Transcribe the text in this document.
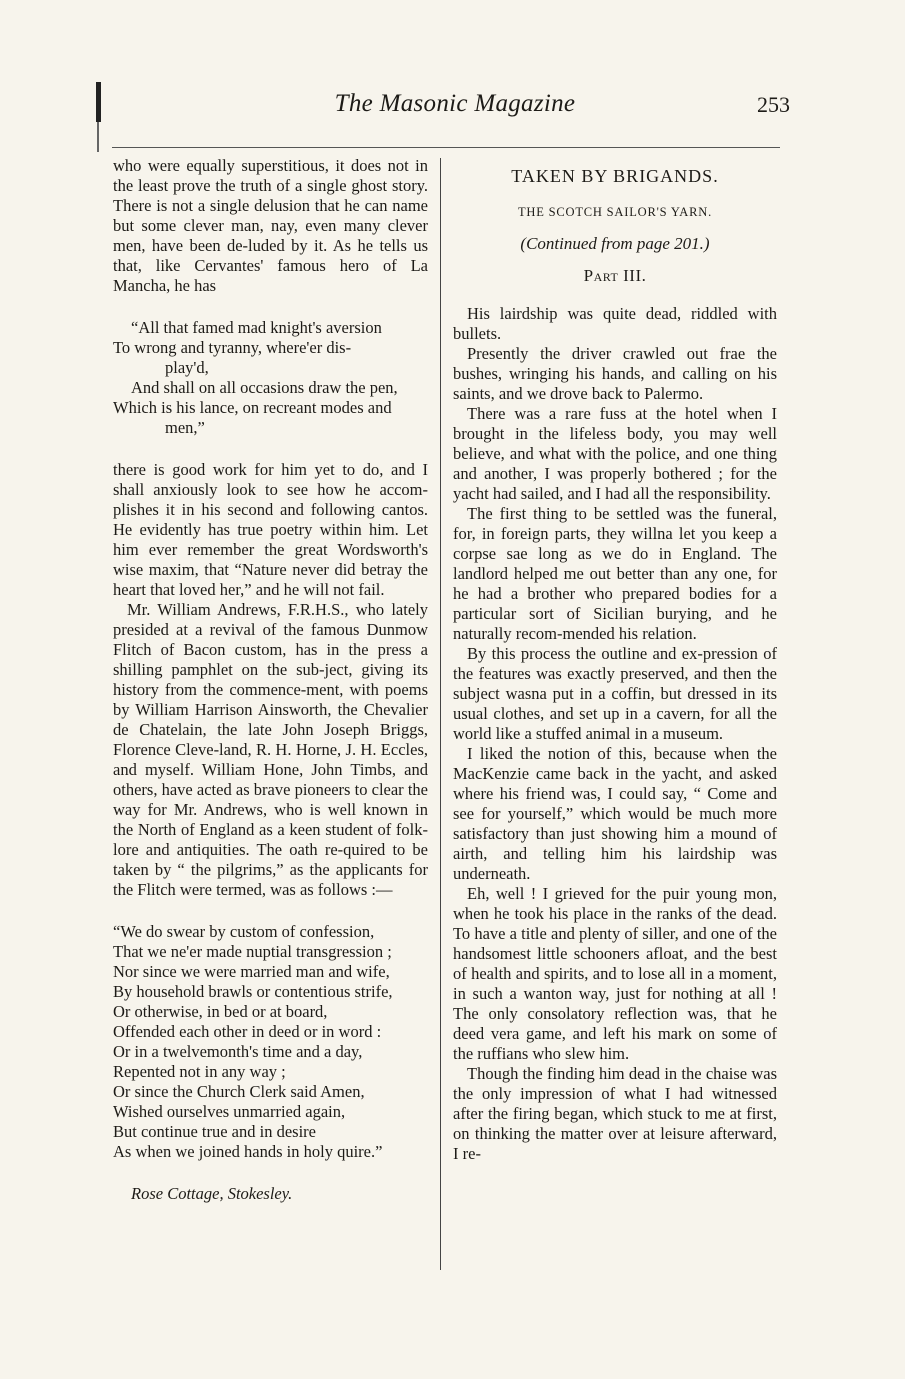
The Masonic Magazine	253

who were equally superstitious, it does not in the least prove the truth of a single ghost story. There is not a single delusion that he can name but some clever man, nay, even many clever men, have been de-luded by it. As he tells us that, like Cervantes' famous hero of La Mancha, he has

“All that famed mad knight's aversion
To wrong and tyranny, where'er dis-
play'd,
And shall on all occasions draw the pen,
Which is his lance, on recreant modes and
men,”

there is good work for him yet to do, and I shall anxiously look to see how he accom-plishes it in his second and following cantos. He evidently has true poetry within him. Let him ever remember the great Wordsworth's wise maxim, that “Nature never did betray the heart that loved her,” and he will not fail.

Mr. William Andrews, F.R.H.S., who lately presided at a revival of the famous Dunmow Flitch of Bacon custom, has in the press a shilling pamphlet on the sub-ject, giving its history from the commence-ment, with poems by William Harrison Ainsworth, the Chevalier de Chatelain, the late John Joseph Briggs, Florence Cleve-land, R. H. Horne, J. H. Eccles, and myself. William Hone, John Timbs, and others, have acted as brave pioneers to clear the way for Mr. Andrews, who is well known in the North of England as a keen student of folk-lore and antiquities. The oath re-quired to be taken by “ the pilgrims,” as the applicants for the Flitch were termed, was as follows :—

“We do swear by custom of confession,
That we ne'er made nuptial transgression ;
Nor since we were married man and wife,
By household brawls or contentious strife,
Or otherwise, in bed or at board,
Offended each other in deed or in word :
Or in a twelvemonth's time and a day,
Repented not in any way ;
Or since the Church Clerk said Amen,
Wished ourselves unmarried again,
But continue true and in desire
As when we joined hands in holy quire.”
Rose Cottage, Stokesley.
TAKEN BY BRIGANDS.
THE SCOTCH SAILOR'S YARN.
(Continued from page 201.)
Part III.

His lairdship was quite dead, riddled with bullets.

Presently the driver crawled out frae the bushes, wringing his hands, and calling on his saints, and we drove back to Palermo.

There was a rare fuss at the hotel when I brought in the lifeless body, you may well believe, and what with the police, and one thing and another, I was properly bothered ; for the yacht had sailed, and I had all the responsibility.

The first thing to be settled was the funeral, for, in foreign parts, they willna let you keep a corpse sae long as we do in England. The landlord helped me out better than any one, for he had a brother who prepared bodies for a particular sort of Sicilian burying, and he naturally recom-mended his relation.

By this process the outline and ex-pression of the features was exactly preserved, and then the subject wasna put in a coffin, but dressed in its usual clothes, and set up in a cavern, for all the world like a stuffed animal in a museum.

I liked the notion of this, because when the MacKenzie came back in the yacht, and asked where his friend was, I could say, “ Come and see for yourself,” which would be much more satisfactory than just showing him a mound of airth, and telling him his lairdship was underneath.

Eh, well ! I grieved for the puir young mon, when he took his place in the ranks of the dead. To have a title and plenty of siller, and one of the handsomest little schooners afloat, and the best of health and spirits, and to lose all in a moment, in such a wanton way, just for nothing at all ! The only consolatory reflection was, that he deed vera game, and left his mark on some of the ruffians who slew him.

Though the finding him dead in the chaise was the only impression of what I had witnessed after the firing began, which stuck to me at first, on thinking the matter over at leisure afterward, I re-
